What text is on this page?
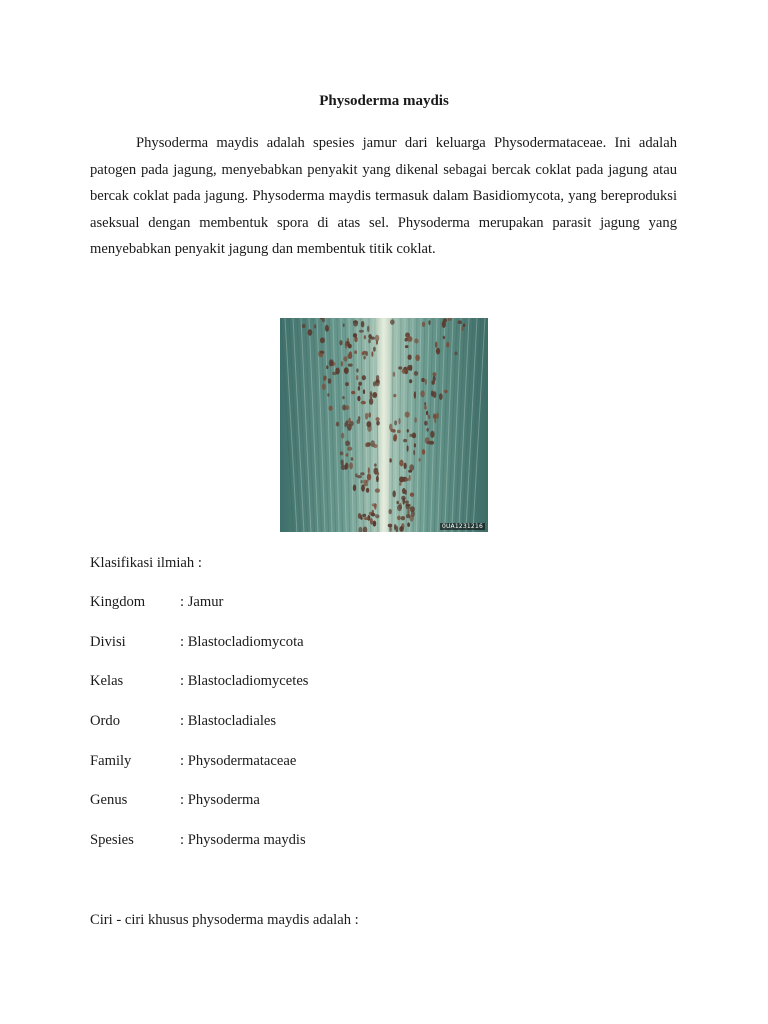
Physoderma maydis

Physoderma maydis adalah spesies jamur dari keluarga Physodermataceae. Ini adalah patogen pada jagung, menyebabkan penyakit yang dikenal sebagai bercak coklat pada jagung atau bercak coklat pada jagung. Physoderma maydis termasuk dalam Basidiomycota, yang bereproduksi aseksual dengan membentuk spora di atas sel. Physoderma merupakan parasit jagung yang menyebabkan penyakit jagung dan membentuk titik coklat.

0UA1231216
Klasifikasi ilmiah :
Kingdom : Jamur
Divisi	: Blastocladiomycota
Kelas	: Blastocladiomycetes
Ordo	: Blastocladiales
Family	: Physodermataceae
Genus	: Physoderma
Spesies	: Physoderma maydis
Ciri - ciri khusus physoderma maydis adalah :
